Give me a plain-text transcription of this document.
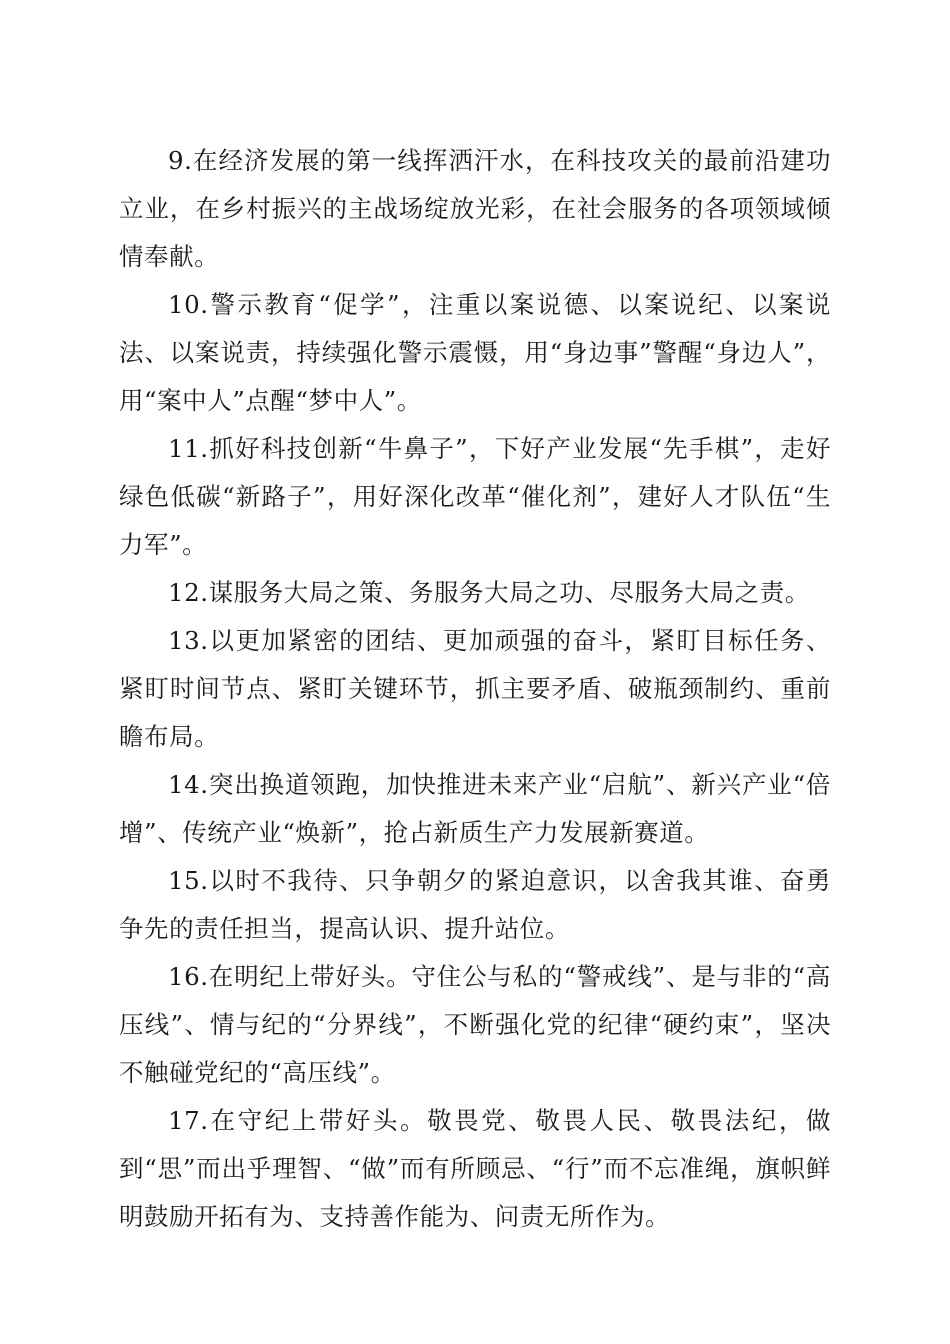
9.在经济发展的第一线挥洒汗水，在科技攻关的最前沿建功立业，在乡村振兴的主战场绽放光彩，在社会服务的各项领域倾情奉献。

10.警示教育“促学”，注重以案说德、以案说纪、以案说法、以案说责，持续强化警示震慑，用“身边事”警醒“身边人”，用“案中人”点醒“梦中人”。

11.抓好科技创新“牛鼻子”，下好产业发展“先手棋”，走好绿色低碳“新路子”，用好深化改革“催化剂”，建好人才队伍“生力军”。

12.谋服务大局之策、务服务大局之功、尽服务大局之责。

13.以更加紧密的团结、更加顽强的奋斗，紧盯目标任务、紧盯时间节点、紧盯关键环节，抓主要矛盾、破瓶颈制约、重前瞻布局。

14.突出换道领跑，加快推进未来产业“启航”、新兴产业“倍增”、传统产业“焕新”，抢占新质生产力发展新赛道。

15.以时不我待、只争朝夕的紧迫意识，以舍我其谁、奋勇争先的责任担当，提高认识、提升站位。

16.在明纪上带好头。守住公与私的“警戒线”、是与非的“高压线”、情与纪的“分界线”，不断强化党的纪律“硬约束”，坚决不触碰党纪的“高压线”。

17.在守纪上带好头。敬畏党、敬畏人民、敬畏法纪，做到“思”而出乎理智、“做”而有所顾忌、“行”而不忘准绳，旗帜鲜明鼓励开拓有为、支持善作能为、问责无所作为。
